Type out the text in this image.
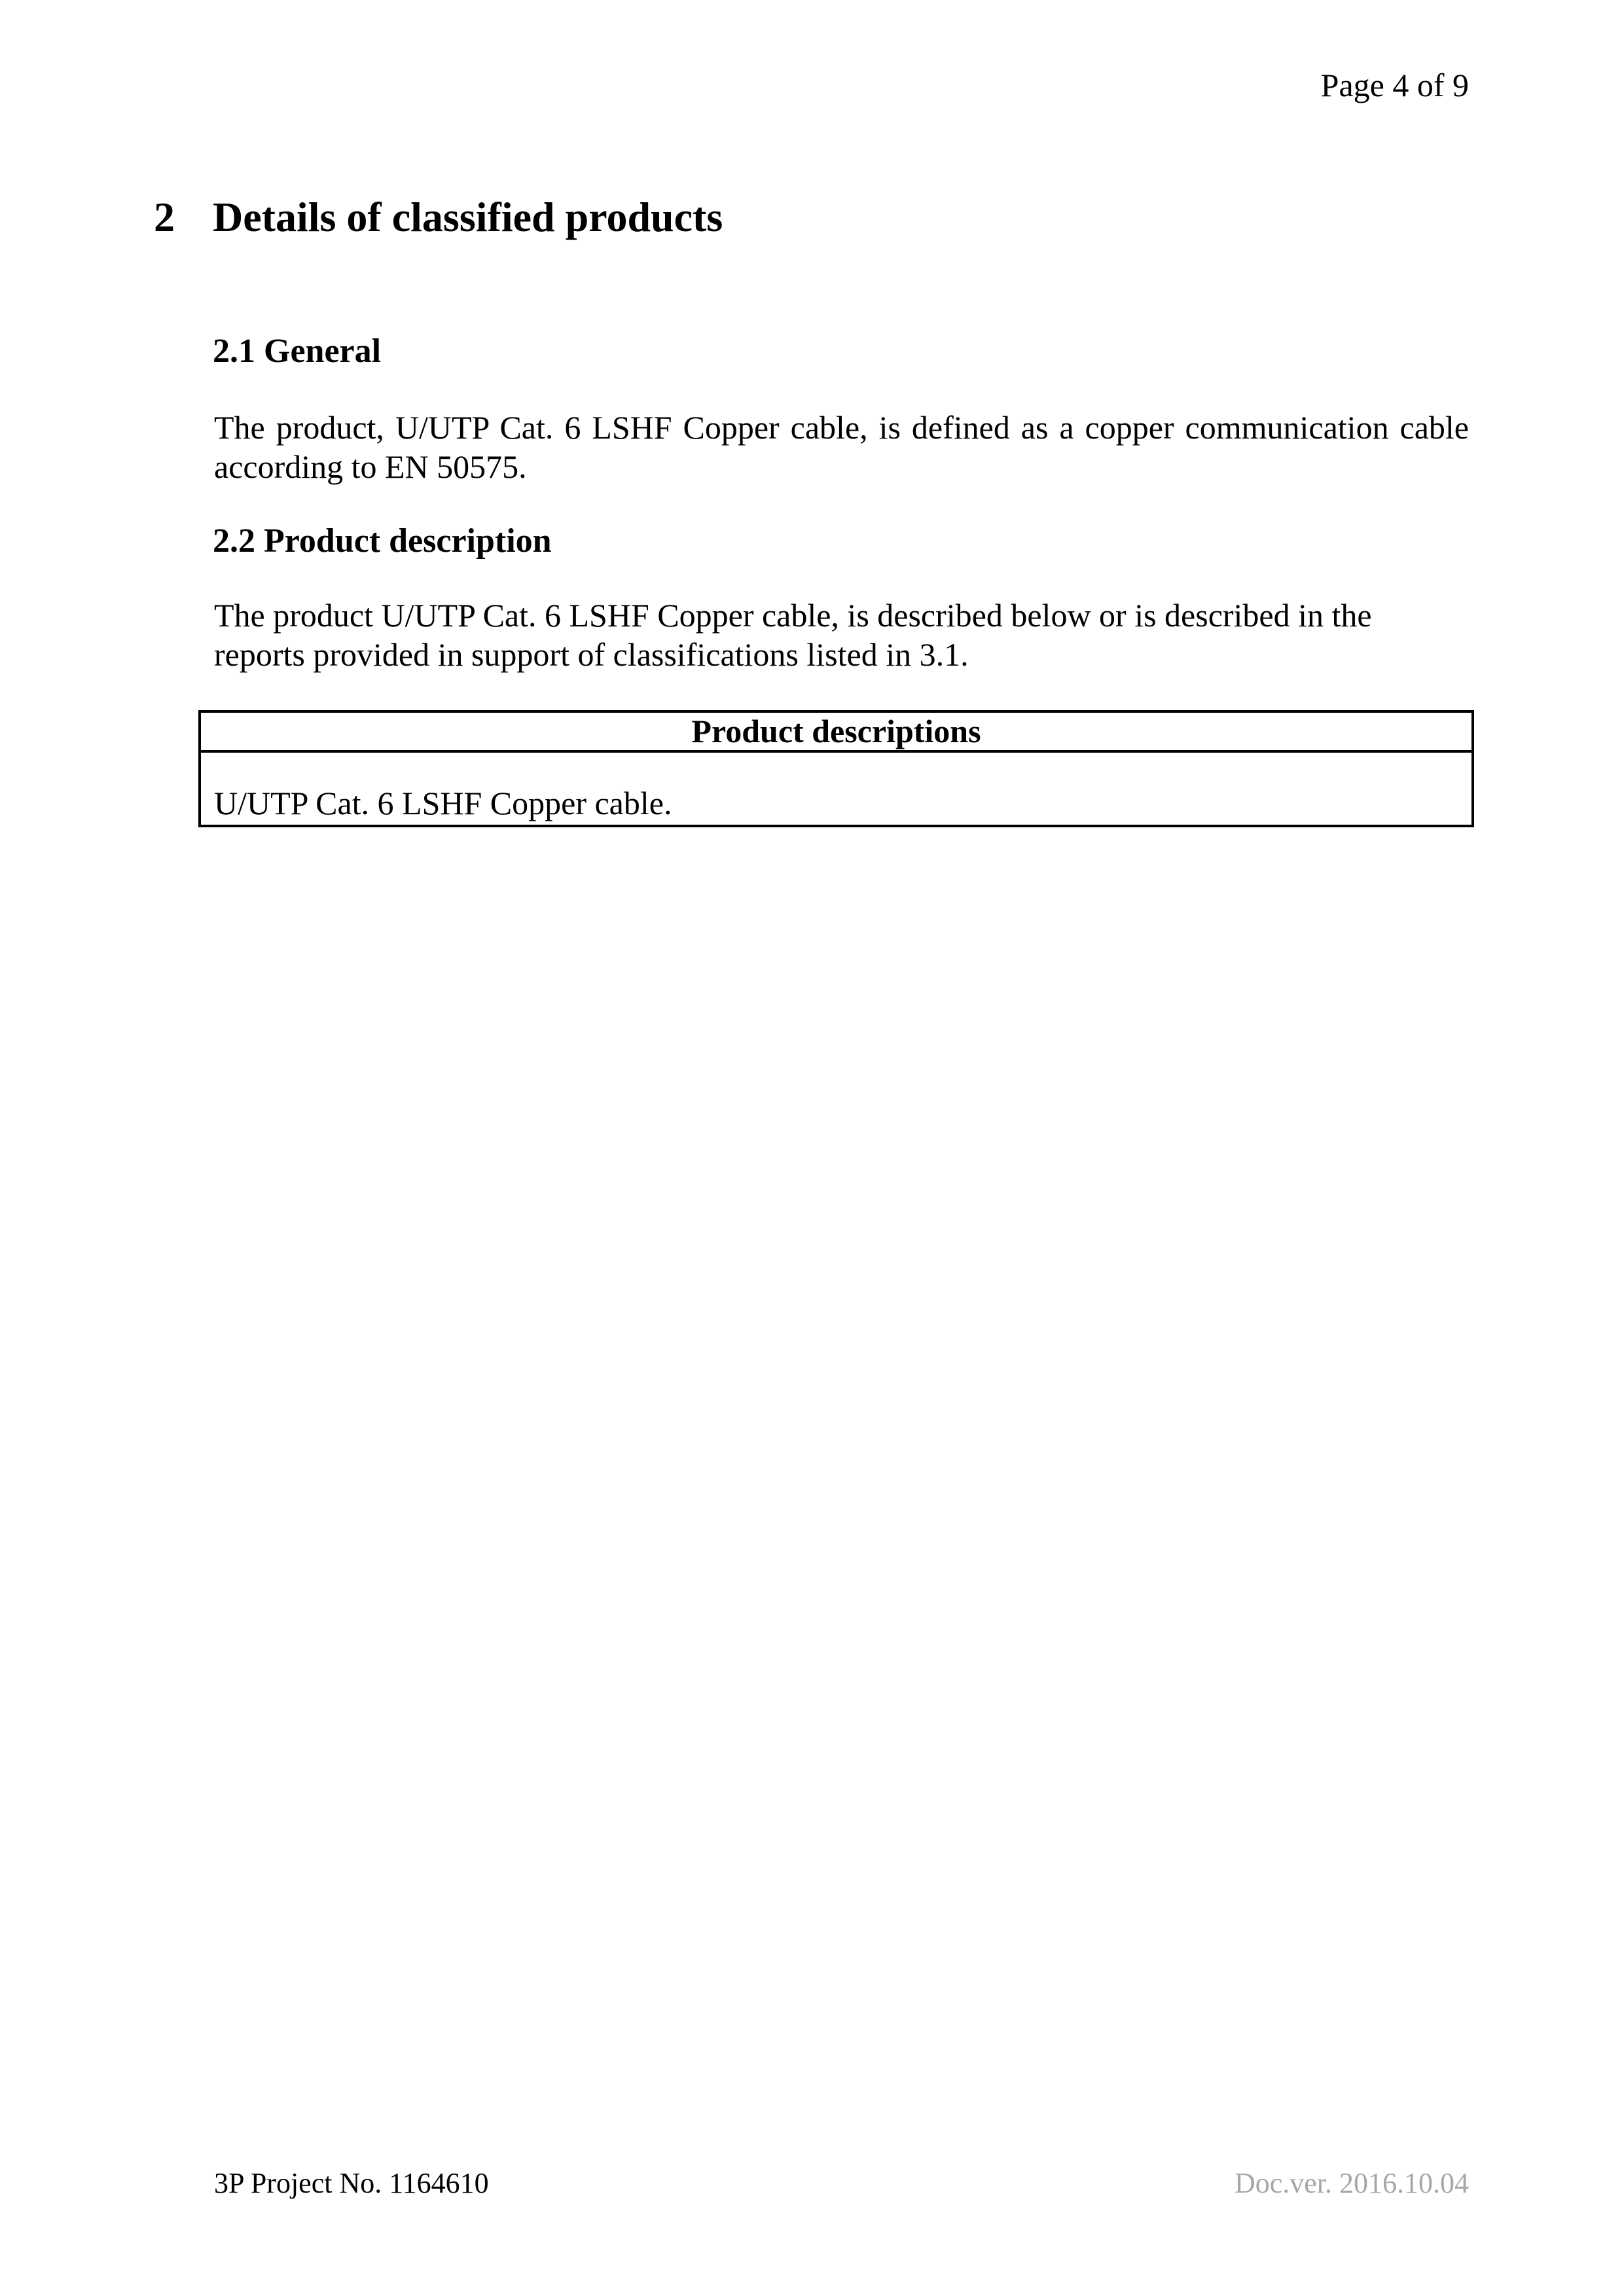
Page 4 of 9
2 Details of classified products
2.1 General

The product, U/UTP Cat. 6 LSHF Copper cable, is defined as a copper communication cable according to EN 50575.

2.2 Product description

The product U/UTP Cat. 6 LSHF Copper cable, is described below or is described in the reports provided in support of classifications listed in 3.1.

Product descriptions
U/UTP Cat. 6 LSHF Copper cable.
3P Project No. 1164610	Doc.ver. 2016.10.04
